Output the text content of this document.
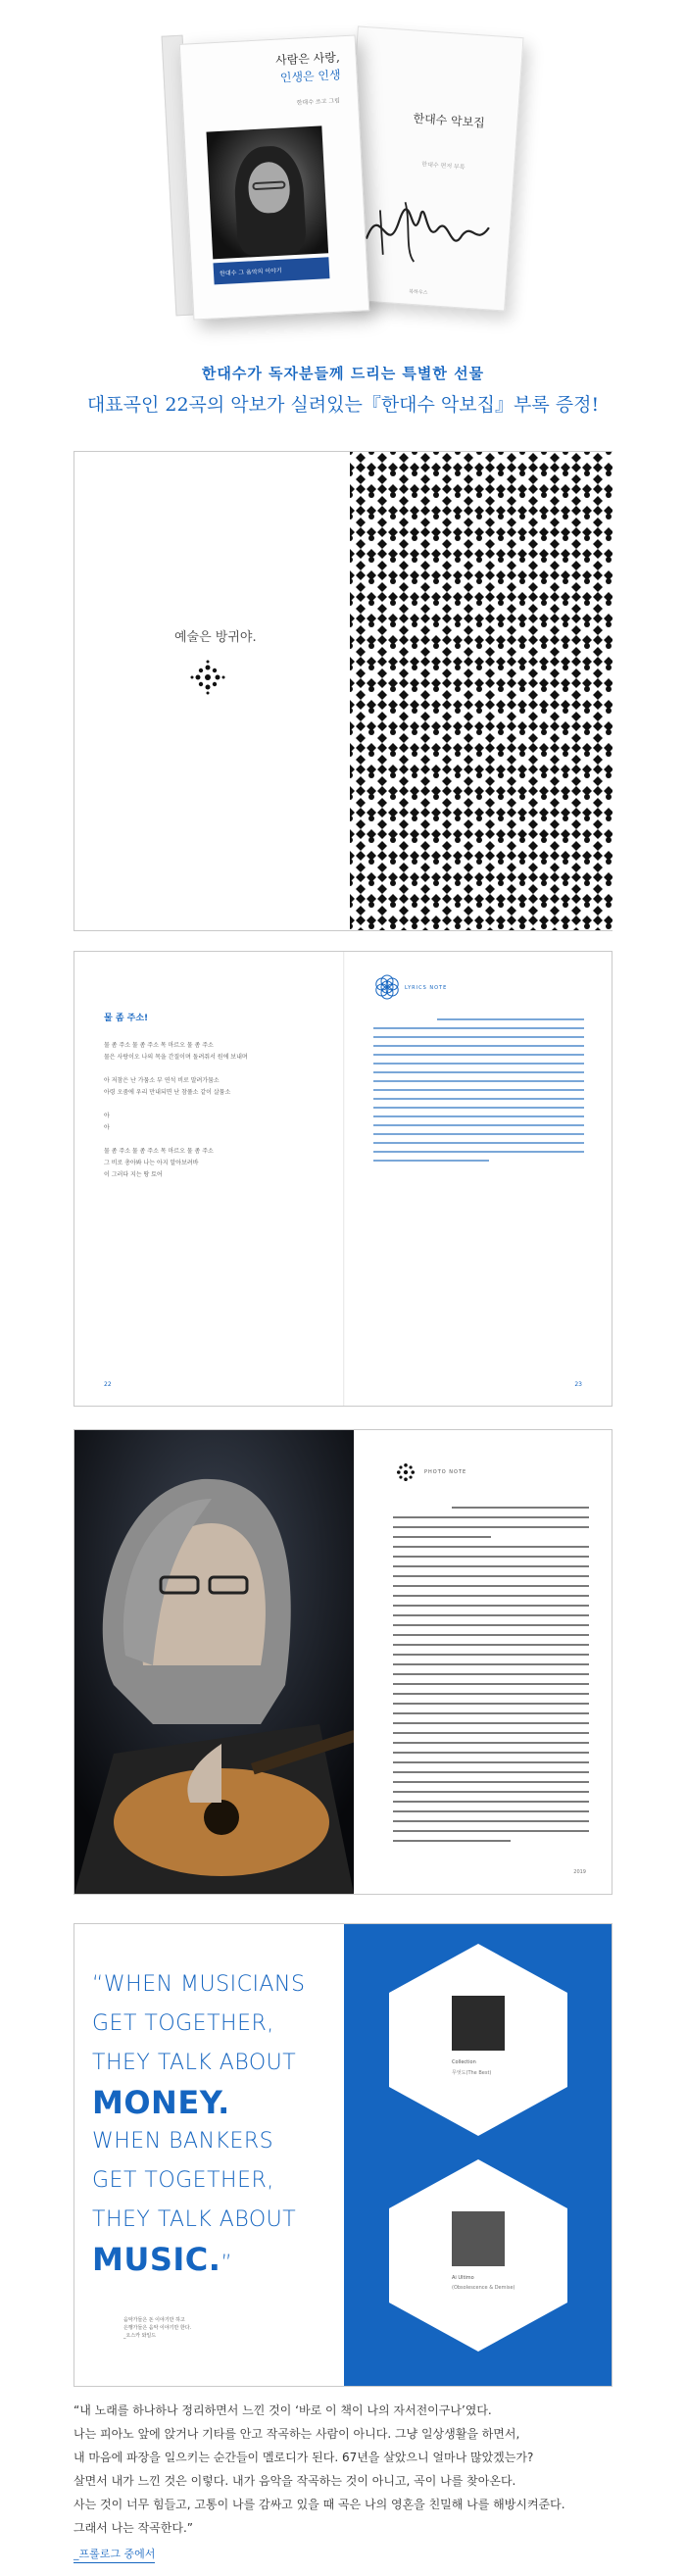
한대수 악보집
한대수 편저 부록
북하우스
사람은 사랑,
인생은 인생
한대수 쓰고 그림
한대수 그 음악의 이야기
한대수가 독자분들께 드리는 특별한 선물
대표곡인 22곡의 악보가 실려있는『한대수 악보집』부록 증정!
예술은 방귀야.
물 좀 주소!

물 좀 주소 물 좀 주소 목 마르오 물 좀 주소
물은 사랑이오 나의 목을 간질이며 돌려줘서 원에 보내며

아 저참은 난 가뭄소 부 연석 비로 말려가뭄소
아령 오줌에 우리 만내되면 난 참풀소 같이 살뭄소

아
아

물 좀 주소 물 좀 주소 목 마르오 물 좀 주소
그 비로 총아봐 나는 아지 알아보려바
이 그러다 지는 땅 토어

22	23
LYRICS NOTE
PHOTO NOTE
2019
“WHEN MUSICIANS
GET TOGETHER,
THEY TALK ABOUT
MONEY.
WHEN BANKERS
GET TOGETHER,
THEY TALK ABOUT
MUSIC.”
음악가들은 돈 이야기만 하고
은행가들은 음악 이야기만 한다.
_오스카 와일드
Collection
무엇도(The Best)
Ai Ultimo
(Obsolescence & Demise)

“내 노래를 하나하나 정리하면서 느낀 것이 ‘바로 이 책이 나의 자서전이구나’였다.

나는 피아노 앞에 앉거나 기타를 안고 작곡하는 사람이 아니다. 그냥 일상생활을 하면서,

내 마음에 파장을 일으키는 순간들이 멜로디가 된다. 67년을 살았으니 얼마나 많았겠는가?

살면서 내가 느낀 것은 이렇다. 내가 음악을 작곡하는 것이 아니고, 곡이 나를 찾아온다.

사는 것이 너무 힘들고, 고통이 나를 감싸고 있을 때 곡은 나의 영혼을 친밀해 나를 해방시켜준다.

그래서 나는 작곡한다.”

_프롤로그 중에서
